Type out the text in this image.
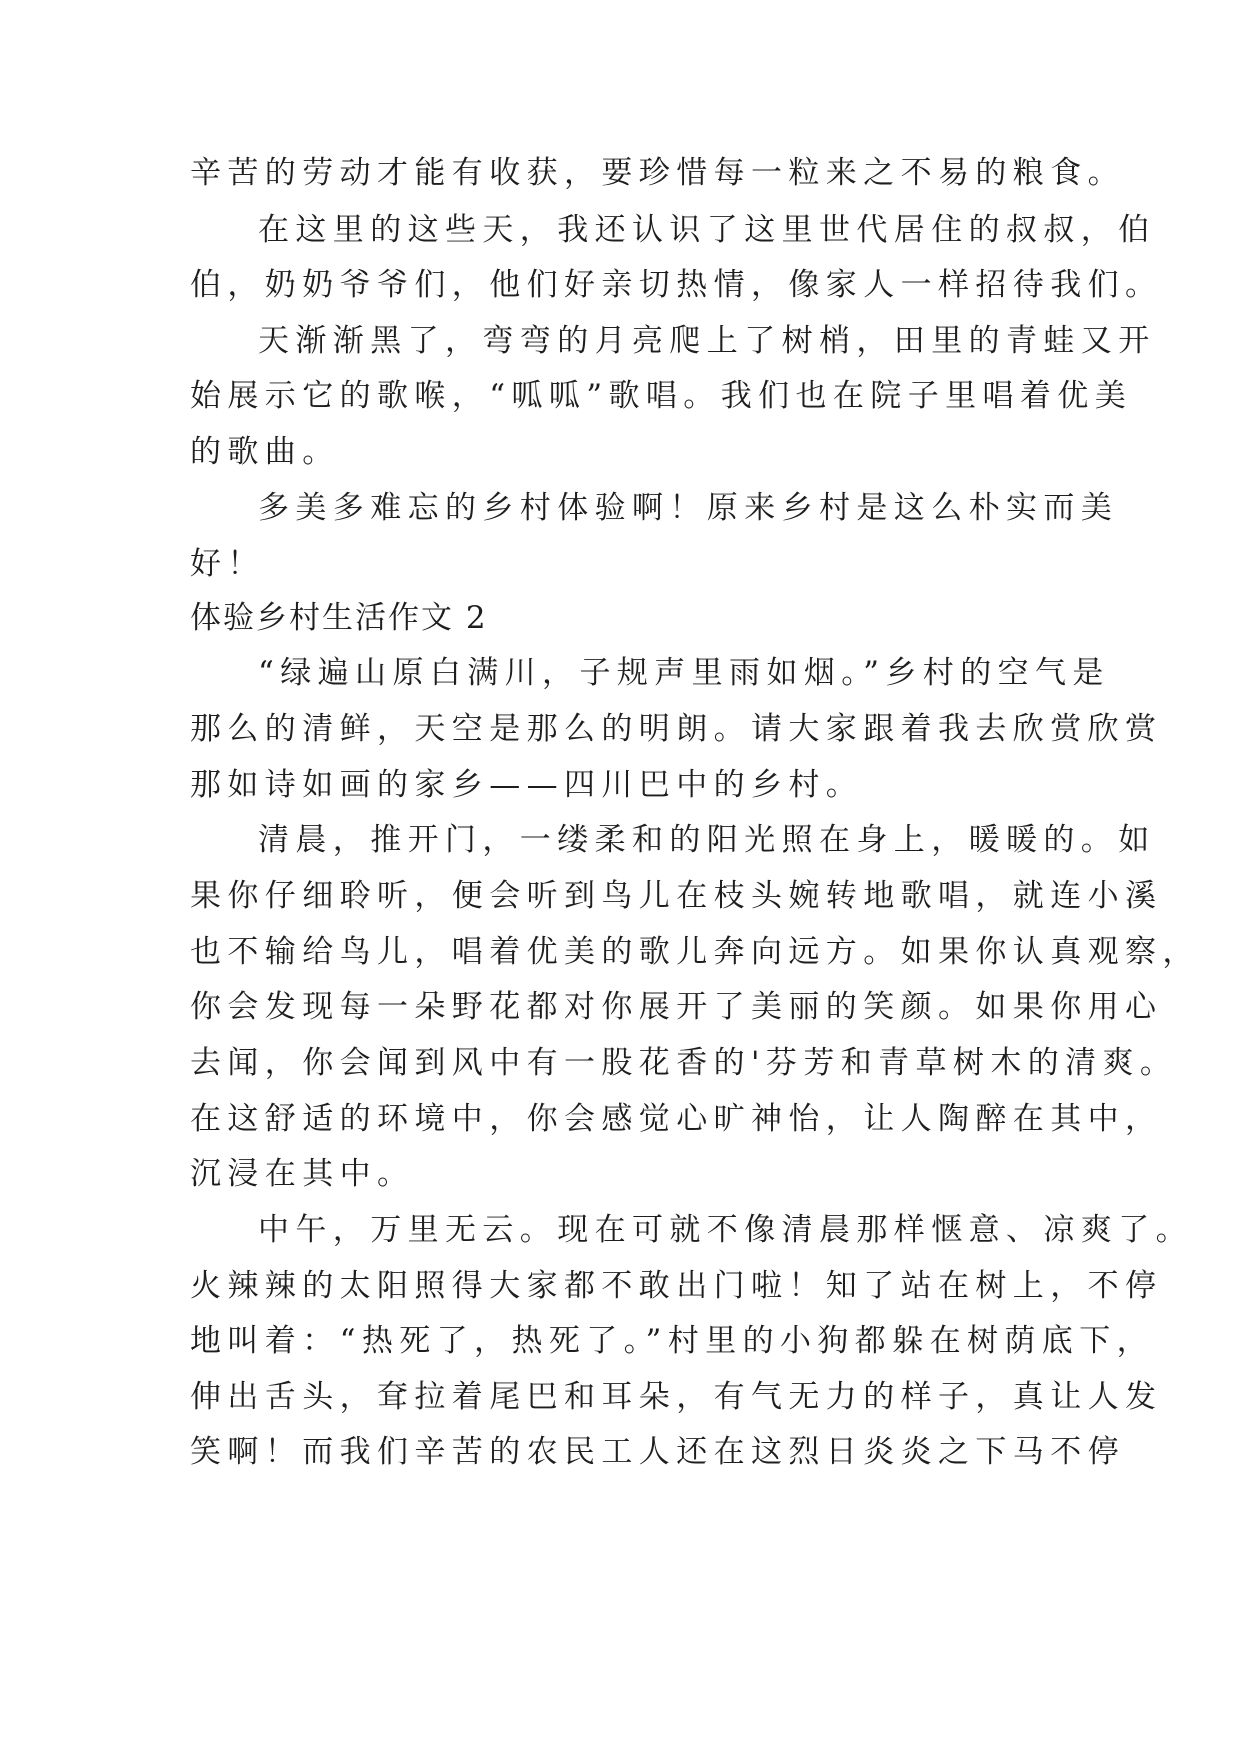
辛苦的劳动才能有收获，要珍惜每一粒来之不易的粮食。
在这里的这些天，我还认识了这里世代居住的叔叔，伯
伯，奶奶爷爷们，他们好亲切热情，像家人一样招待我们。
天渐渐黑了，弯弯的月亮爬上了树梢，田里的青蛙又开
始展示它的歌喉，“呱呱”歌唱。我们也在院子里唱着优美
的歌曲。
多美多难忘的乡村体验啊！原来乡村是这么朴实而美
好！
体验乡村生活作文 2
“绿遍山原白满川，子规声里雨如烟。”乡村的空气是
那么的清鲜，天空是那么的明朗。请大家跟着我去欣赏欣赏
那如诗如画的家乡——四川巴中的乡村。
清晨，推开门，一缕柔和的阳光照在身上，暖暖的。如
果你仔细聆听，便会听到鸟儿在枝头婉转地歌唱，就连小溪
也不输给鸟儿，唱着优美的歌儿奔向远方。如果你认真观察，
你会发现每一朵野花都对你展开了美丽的笑颜。如果你用心
去闻，你会闻到风中有一股花香的'芬芳和青草树木的清爽。
在这舒适的环境中，你会感觉心旷神怡，让人陶醉在其中，
沉浸在其中。
中午，万里无云。现在可就不像清晨那样惬意、凉爽了。
火辣辣的太阳照得大家都不敢出门啦！知了站在树上，不停
地叫着：“热死了，热死了。”村里的小狗都躲在树荫底下，
伸出舌头，耷拉着尾巴和耳朵，有气无力的样子，真让人发
笑啊！而我们辛苦的农民工人还在这烈日炎炎之下马不停
